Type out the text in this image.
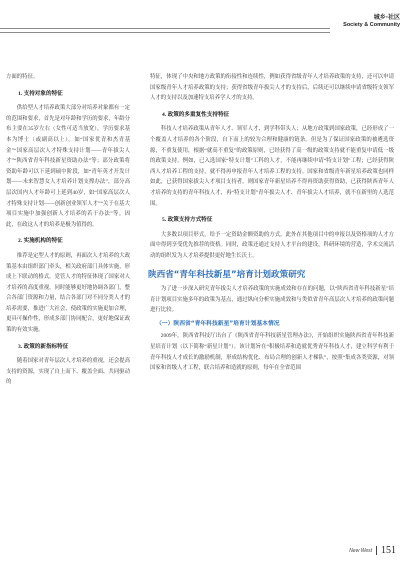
城乡·社区
Society & Community

方面的特征。

1. 支持对象的特征

供给型人才培养政策大部分对培养对象都有一定的范围和要求，首先是对年龄和学历的要求，年龄分布主要在35岁左右（女性可适当放宽），学历要求基本为博士（或副高以上）。如“国家优青和杰青基金”“国家高层次人才特殊支持计划——青年拔尖人才”“陕西省青年科技新星资助办法”等；部分政策将资助年龄可以下延到硕中阶段，如“青年英才开发计划——未来智慧女人才培养计划支撑办法”，部分高层次国内人才年龄可上延到40岁，如“国家高层次人才特殊支持计划——创新创业领军人才”“关于在基大项目实施中加强创新人才培养的若干办法”等。因此，在政这人才的培养是极为值得的。

2. 实施机构的特征

推荐是定型人才的原则，再面次人才培养的大政策基本由组织部门牵头，相关政府部门具体实施，形成上下联动的格式。党管人才的特征体现了国家对人才培养的高度重视，同时能够更好地协调各部门，整合各部门资源和力量，结合各部门对不同分类人才的培养需要，推进广大社会、使政策的实施更加合理，更具可操作性，形成多部门协同配合，更好地保证政策的有效实施。

3. 政策的新指标特征

随着国家对青年层次人才培养的重视，还会提高支持的资源，实现了自上而下、覆盖全面、共同驱动的

特征，体现了中央和地方政策的衔接性和连续性，例如获得省级青年人才培养政策的支持，还可以申请国家级青年人才培养政策的支持；获得省级青年拔尖人才的支持后，后续还可以继续申请省级特支领军人才的支持以及加速特支培养学人才的支持。

4. 政策的多重复性支持特征

科技人才培养政策从青年人才、领军人才、到学科带头人；从地方政策到国家政策，已经形成了一个覆盖人才培养的各个阶段，自下而上的较为合理和健康的链条。但是为了保证国家政策的被遴选资源，不重复使用，根据“就高不重复”的政策原则，已经获得了高一级的政策支持就不能重复申请低一级的政策支持。例如，已入选国家“特支计划”工科的人才，不能再继续申请“特支计划”工程；已经获得陕西人才培养工程的支持，就不得再申报青年人才培养工程的支持。国家和省级青年新星培养政策也同样如此，已获得国家拔尖人才项目支持者，则国家青年新星培养不得再资助获得资助，已获得陕西青年人才培养的支持的青年科技人才，再“特支计划”青年拔尖人才、青年拔尖人才培养，就不在新里的人选范围。

5. 政策支持方式特征

大多数以项目形式，给予一定资助金额资助的方式，此外在其他项目中的申报以及资格项的人才方面中得到享受优先推荐的资格。同时，政策还通过支持人才平台的建设，科研环境的营造，学术交流活动的组织发为人才培养提供更好地生长沃土。

陕西省“青年科技新星”培育计划政策研究

为了进一步深入研究青年拔尖人才培养政策的实施成效和存在的问题，以“陕西省青年科技新星”培育计划项目实施多年的政策为基点，通过纵向分析实施成效和与类似省青年高层次人才培养的政策问题进行比较。

（一）陕西省“青年科技新星”培育计划基本情况

2009年，陕西省科技厅出台了《陕西省青年科技新星管理办法》，开始组织实施陕西省青年科技新星培育计划（以下简称“新星计划”）。该计划旨在“积极培养和造就优秀青年科技人才，建立科学有利于青年科技人才成长的激励机制，形成结构优化、布局合理的创新人才梯队”，按照“集成各类资源，对领国家和省级人才工程，联合培养和造就的原则，每年在全省范围

New West 151
